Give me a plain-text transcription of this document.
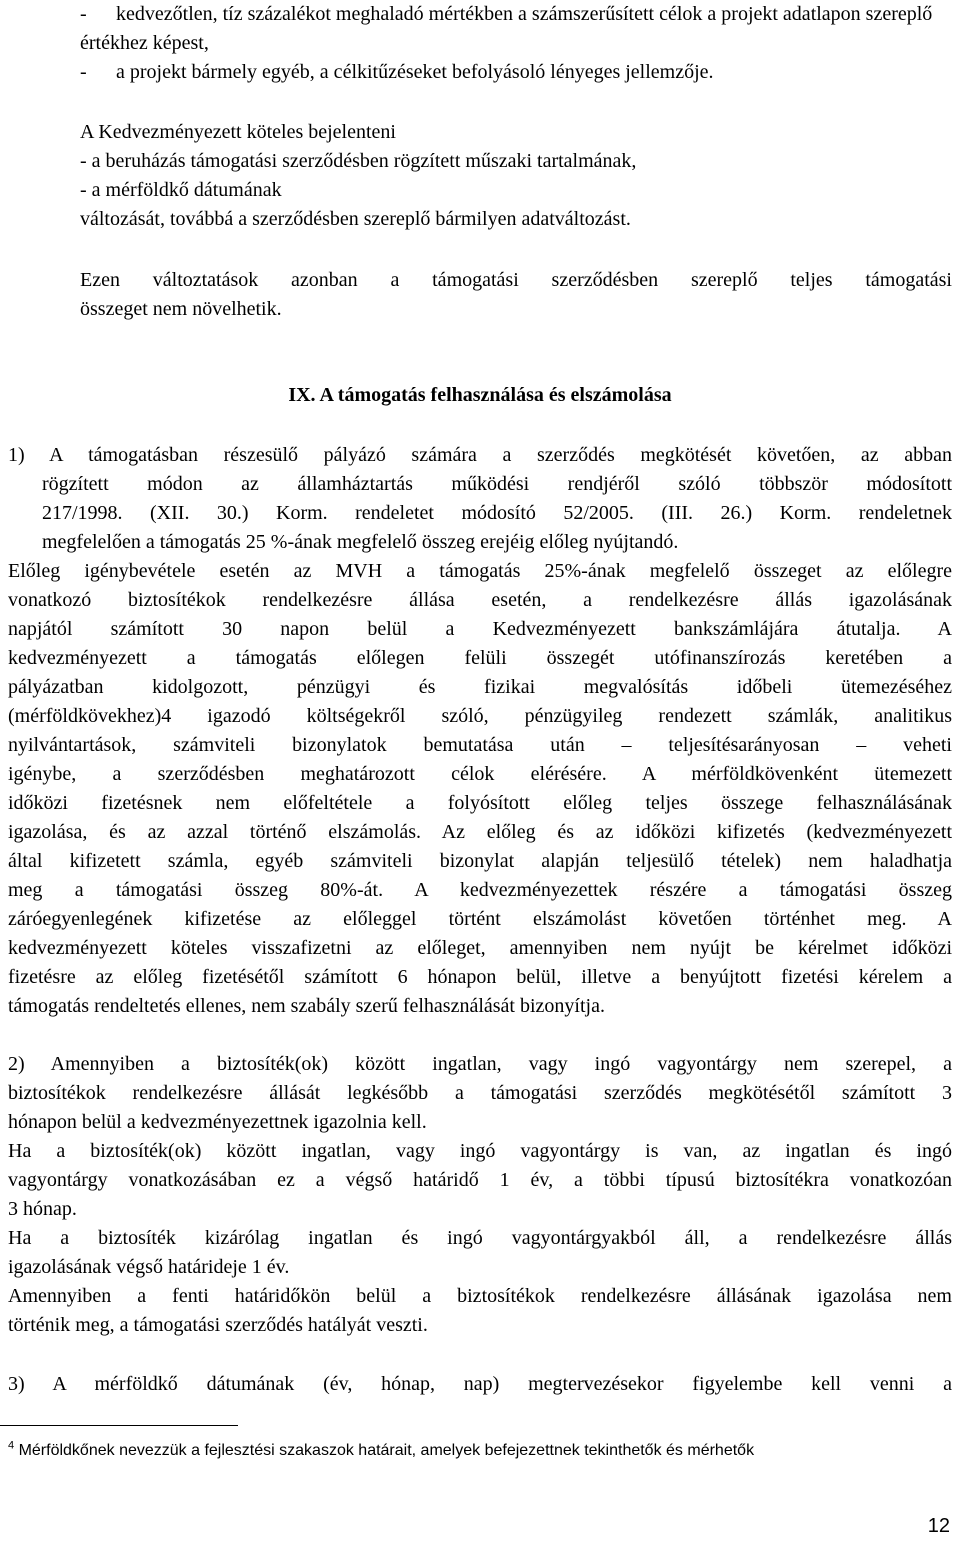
- kedvezőtlen, tíz százalékot meghaladó mértékben a számszerűsített célok a projekt adatlapon szereplő értékhez képest,
- a projekt bármely egyéb, a célkitűzéseket befolyásoló lényeges jellemzője.
A Kedvezményezett köteles bejelenteni
- a beruházás támogatási szerződésben rögzített műszaki tartalmának,
- a mérföldkő dátumának
változását, továbbá a szerződésben szereplő bármilyen adatváltozást.
Ezen változtatások azonban a támogatási szerződésben szereplő teljes támogatási
összeget nem növelhetik.
IX. A támogatás felhasználása és elszámolása
1) A támogatásban részesülő pályázó számára a szerződés megkötését követően, az abban
rögzített módon az államháztartás működési rendjéről szóló többször módosított
217/1998. (XII. 30.) Korm. rendeletet módosító 52/2005. (III. 26.) Korm. rendeletnek
megfelelően a támogatás 25 %-ának megfelelő összeg erejéig előleg nyújtandó.
Előleg igénybevétele esetén az MVH a támogatás 25%-ának megfelelő összeget az előlegre
vonatkozó biztosítékok rendelkezésre állása esetén, a rendelkezésre állás igazolásának
napjától számított 30 napon belül a Kedvezményezett bankszámlájára átutalja. A
kedvezményezett a támogatás előlegen felüli összegét utófinanszírozás keretében a
pályázatban kidolgozott, pénzügyi és fizikai megvalósítás időbeli ütemezéséhez
(mérföldkövekhez)4 igazodó költségekről szóló, pénzügyileg rendezett számlák, analitikus
nyilvántartások, számviteli bizonylatok bemutatása után – teljesítésarányosan – veheti
igénybe, a szerződésben meghatározott célok elérésére. A mérföldkövenként ütemezett
időközi fizetésnek nem előfeltétele a folyósított előleg teljes összege felhasználásának
igazolása, és az azzal történő elszámolás. Az előleg és az időközi kifizetés (kedvezményezett
által kifizetett számla, egyéb számviteli bizonylat alapján teljesülő tételek) nem haladhatja
meg a támogatási összeg 80%-át. A kedvezményezettek részére a támogatási összeg
záróegyenlegének kifizetése az előleggel történt elszámolást követően történhet meg. A
kedvezményezett köteles visszafizetni az előleget, amennyiben nem nyújt be kérelmet időközi
fizetésre az előleg fizetésétől számított 6 hónapon belül, illetve a benyújtott fizetési kérelem a
támogatás rendeltetés ellenes, nem szabály szerű felhasználását bizonyítja.
2) Amennyiben a biztosíték(ok) között ingatlan, vagy ingó vagyontárgy nem szerepel, a
biztosítékok rendelkezésre állását legkésőbb a támogatási szerződés megkötésétől számított 3
hónapon belül a kedvezményezettnek igazolnia kell.
Ha a biztosíték(ok) között ingatlan, vagy ingó vagyontárgy is van, az ingatlan és ingó
vagyontárgy vonatkozásában ez a végső határidő 1 év, a többi típusú biztosítékra vonatkozóan
3 hónap.
Ha a biztosíték kizárólag ingatlan és ingó vagyontárgyakból áll, a rendelkezésre állás
igazolásának végső határideje 1 év.
Amennyiben a fenti határidőkön belül a biztosítékok rendelkezésre állásának igazolása nem
történik meg, a támogatási szerződés hatályát veszti.
3) A mérföldkő dátumának (év, hónap, nap) megtervezésekor figyelembe kell venni a
$^4$ Mérföldkőnek nevezzük a fejlesztési szakaszok határait, amelyek befejezettnek tekinthetők és mérhetők
12
